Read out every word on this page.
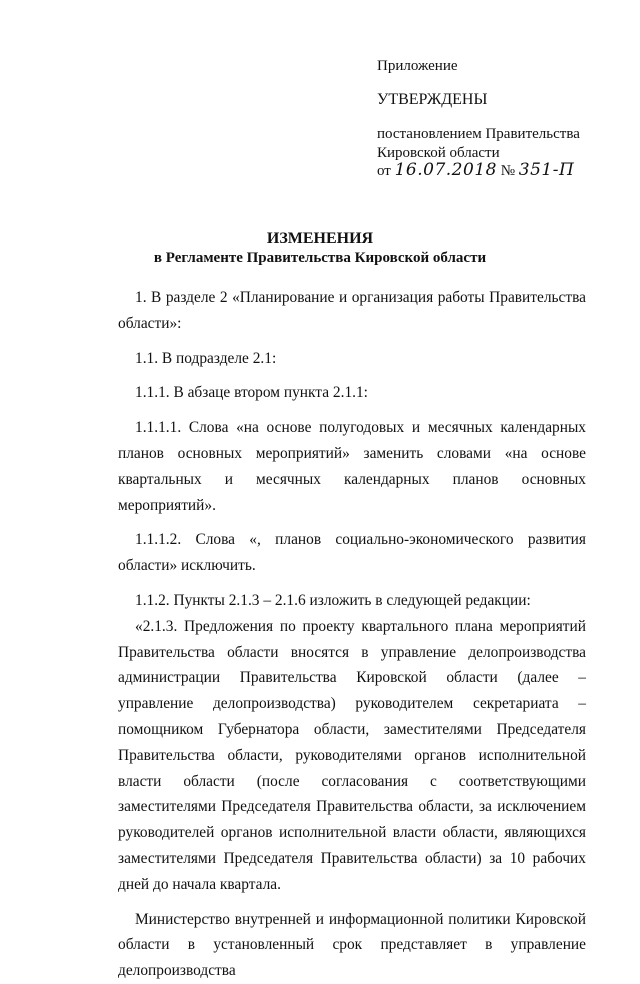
Приложение
УТВЕРЖДЕНЫ
постановлением Правительства
Кировской области
от 16.07.2018 № 351-П
ИЗМЕНЕНИЯ
в Регламенте Правительства Кировской области

1. В разделе 2 «Планирование и организация работы Правительства области»:

1.1. В подразделе 2.1:

1.1.1. В абзаце втором пункта 2.1.1:

1.1.1.1. Слова «на основе полугодовых и месячных календарных планов основных мероприятий» заменить словами «на основе квартальных и месячных календарных планов основных мероприятий».

1.1.1.2. Слова «, планов социально-экономического развития области» исключить.

1.1.2. Пункты 2.1.3 – 2.1.6 изложить в следующей редакции:

«2.1.3. Предложения по проекту квартального плана мероприятий Правительства области вносятся в управление делопроизводства администрации Правительства Кировской области (далее – управление делопроизводства) руководителем секретариата – помощником Губернатора области, заместителями Председателя Правительства области, руководителями органов исполнительной власти области (после согласования с соответствующими заместителями Председателя Правительства области, за исключением руководителей органов исполнительной власти области, являющихся заместителями Председателя Правительства области) за 10 рабочих дней до начала квартала.

Министерство внутренней и информационной политики Кировской области в установленный срок представляет в управление делопроизводства
